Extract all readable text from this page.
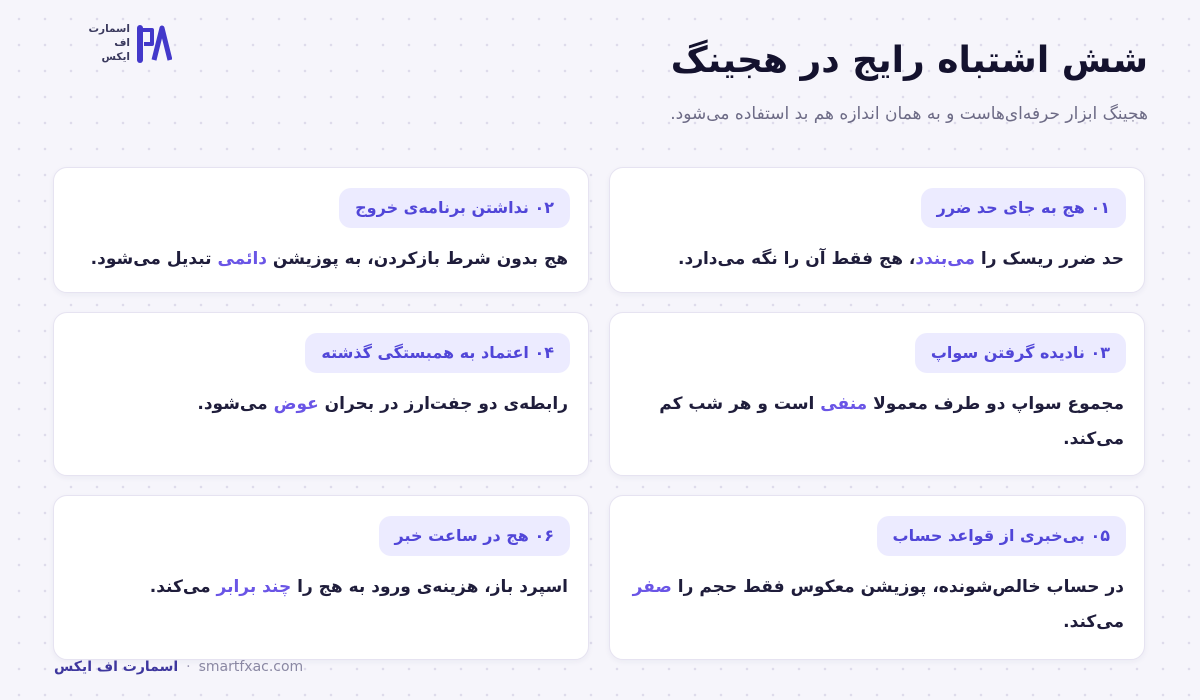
اسمارت
اف
ایکس	شش اشتباه رایج در هجینگ

هجینگ ابزار حرفه‌ای‌هاست و به همان اندازه هم بد استفاده می‌شود.

۰۱ هج به جای حد ضرر

حد ضرر ریسک را می‌بندد، هج فقط آن را نگه می‌دارد.

۰۲ نداشتن برنامه‌ی خروج

هج بدون شرط بازکردن، به پوزیشن دائمی تبدیل می‌شود.

۰۳ نادیده گرفتن سواپ

مجموع سواپ دو طرف معمولا منفی است و هر شب کم می‌کند.

۰۴ اعتماد به همبستگی گذشته

رابطه‌ی دو جفت‌ارز در بحران عوض می‌شود.

۰۵ بی‌خبری از قواعد حساب

در حساب خالص‌شونده، پوزیشن معکوس فقط حجم را صفر می‌کند.

۰۶ هج در ساعت خبر

اسپرد باز، هزینه‌ی ورود به هج را چند برابر می‌کند.

اسمارت اف ایکس · smartfxac.com
